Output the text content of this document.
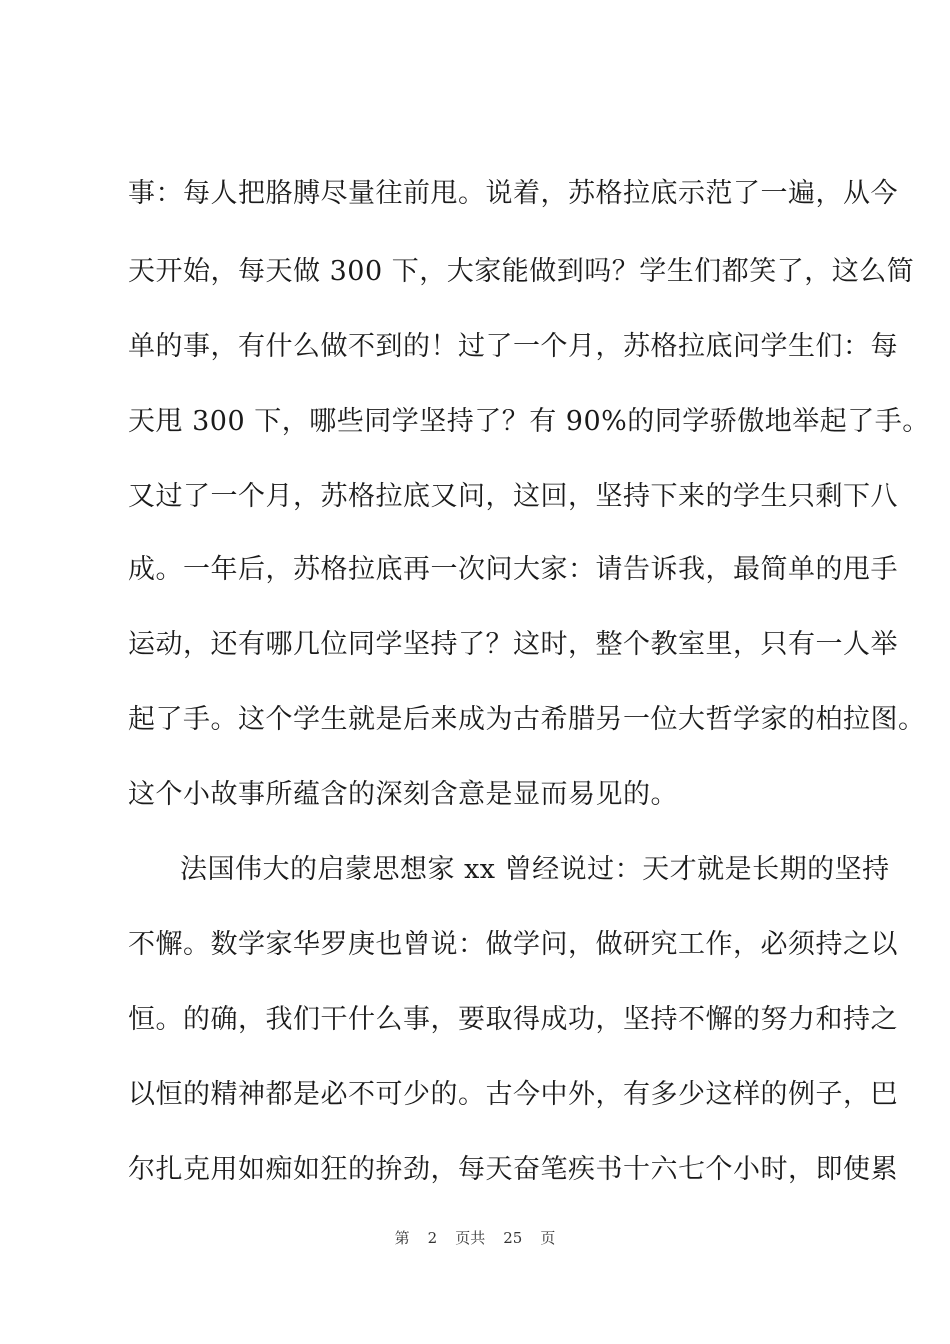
事：每人把胳膊尽量往前甩。说着，苏格拉底示范了一遍，从今
天开始，每天做 300 下，大家能做到吗？学生们都笑了，这么简
单的事，有什么做不到的！过了一个月，苏格拉底问学生们：每
天甩 300 下，哪些同学坚持了？有 90%的同学骄傲地举起了手。
又过了一个月，苏格拉底又问，这回，坚持下来的学生只剩下八
成。一年后，苏格拉底再一次问大家：请告诉我，最简单的甩手
运动，还有哪几位同学坚持了？这时，整个教室里，只有一人举
起了手。这个学生就是后来成为古希腊另一位大哲学家的柏拉图。
这个小故事所蕴含的深刻含意是显而易见的。
法国伟大的启蒙思想家 xx 曾经说过：天才就是长期的坚持
不懈。数学家华罗庚也曾说：做学问，做研究工作，必须持之以
恒。的确，我们干什么事，要取得成功，坚持不懈的努力和持之
以恒的精神都是必不可少的。古今中外，有多少这样的例子，巴
尔扎克用如痴如狂的拚劲，每天奋笔疾书十六七个小时，即使累
第 2 页共 25 页
